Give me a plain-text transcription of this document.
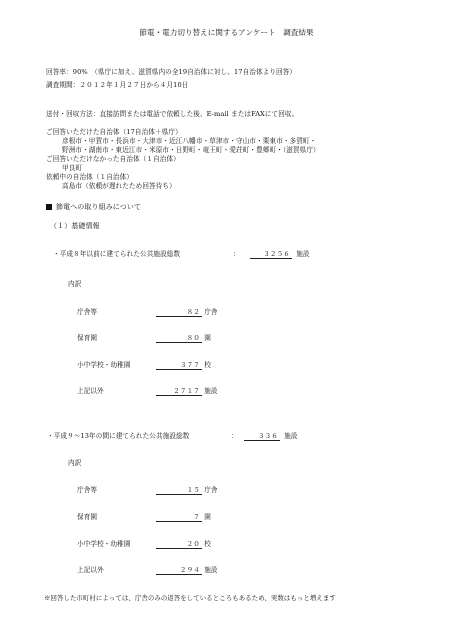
節電・電力切り替えに関するアンケート　調査結果
回答率：90%　（県庁に加え、滋賀県内の全19自治体に対し、17自治体より回答）
調査期間：２０１２年１月２７日から４月10日
送付・回収方法：直接訪問または電話で依頼した後、E-mail またはFAXにて回収。
ご回答いただけた自治体（17自治体＋県庁）
彦根市・甲賀市・長浜市・大津市・近江八幡市・草津市・守山市・栗東市・多賀町・
野洲市・湖南市・東近江市・米原市・日野町・竜王町・愛荘町・豊郷町・（滋賀県庁）
ご回答いただけなかった自治体（１自治体）
甲良町
依頼中の自治体（１自治体）
高島市（依頼が遅れたため回答待ち）
節電への取り組みについて
（１）基礎情報
・平成８年以前に建てられた公共施設総数	：	３２５６ 施設
内訳
庁舎等	８２ 庁舎
保育園	８０ 園
小中学校・幼稚園	３７７ 校
上記以外	２７１７ 施設
・平成９～13年の間に建てられた公共施設総数	：	３３６ 施設
内訳
庁舎等	１５ 庁舎
保育園	７ 園
小中学校・幼稚園	２０ 校
上記以外	２９４ 施設
※回答した市町村によっては、庁舎のみの返答をしているところもあるため、実数はもっと増えます
